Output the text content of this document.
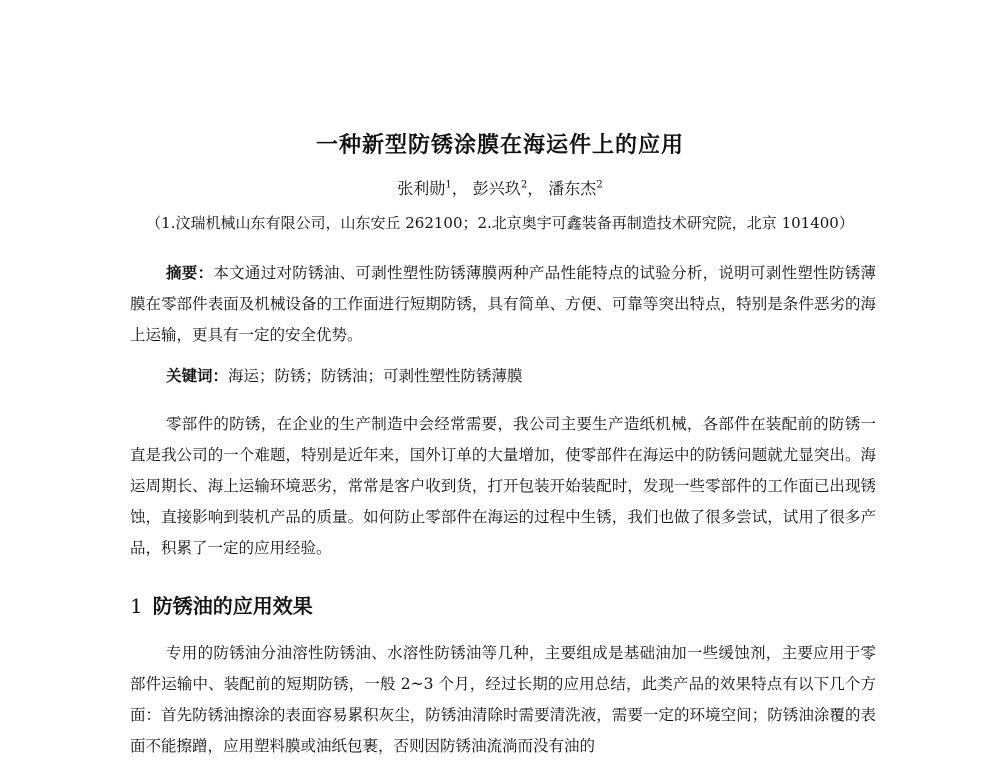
一种新型防锈涂膜在海运件上的应用
张利勋$^1$， 彭兴玖$^2$， 潘东杰$^2$
（1.汶瑞机械山东有限公司，山东安丘 262100；2.北京奥宇可鑫装备再制造技术研究院，北京 101400）
摘要：本文通过对防锈油、可剥性塑性防锈薄膜两种产品性能特点的试验分析，说明可剥性塑性防锈薄膜在零部件表面及机械设备的工作面进行短期防锈，具有简单、方便、可靠等突出特点，特别是条件恶劣的海上运输，更具有一定的安全优势。
关键词：海运；防锈；防锈油；可剥性塑性防锈薄膜
零部件的防锈，在企业的生产制造中会经常需要，我公司主要生产造纸机械，各部件在装配前的防锈一直是我公司的一个难题，特别是近年来，国外订单的大量增加，使零部件在海运中的防锈问题就尤显突出。海运周期长、海上运输环境恶劣，常常是客户收到货，打开包装开始装配时，发现一些零部件的工作面已出现锈蚀，直接影响到装机产品的质量。如何防止零部件在海运的过程中生锈，我们也做了很多尝试，试用了很多产品，积累了一定的应用经验。
1 防锈油的应用效果
专用的防锈油分油溶性防锈油、水溶性防锈油等几种，主要组成是基础油加一些缓蚀剂，主要应用于零部件运输中、装配前的短期防锈，一般 2~3 个月，经过长期的应用总结，此类产品的效果特点有以下几个方面：首先防锈油擦涂的表面容易累积灰尘，防锈油清除时需要清洗液，需要一定的环境空间；防锈油涂覆的表面不能擦蹭，应用塑料膜或油纸包裹，否则因防锈油流淌而没有油的
